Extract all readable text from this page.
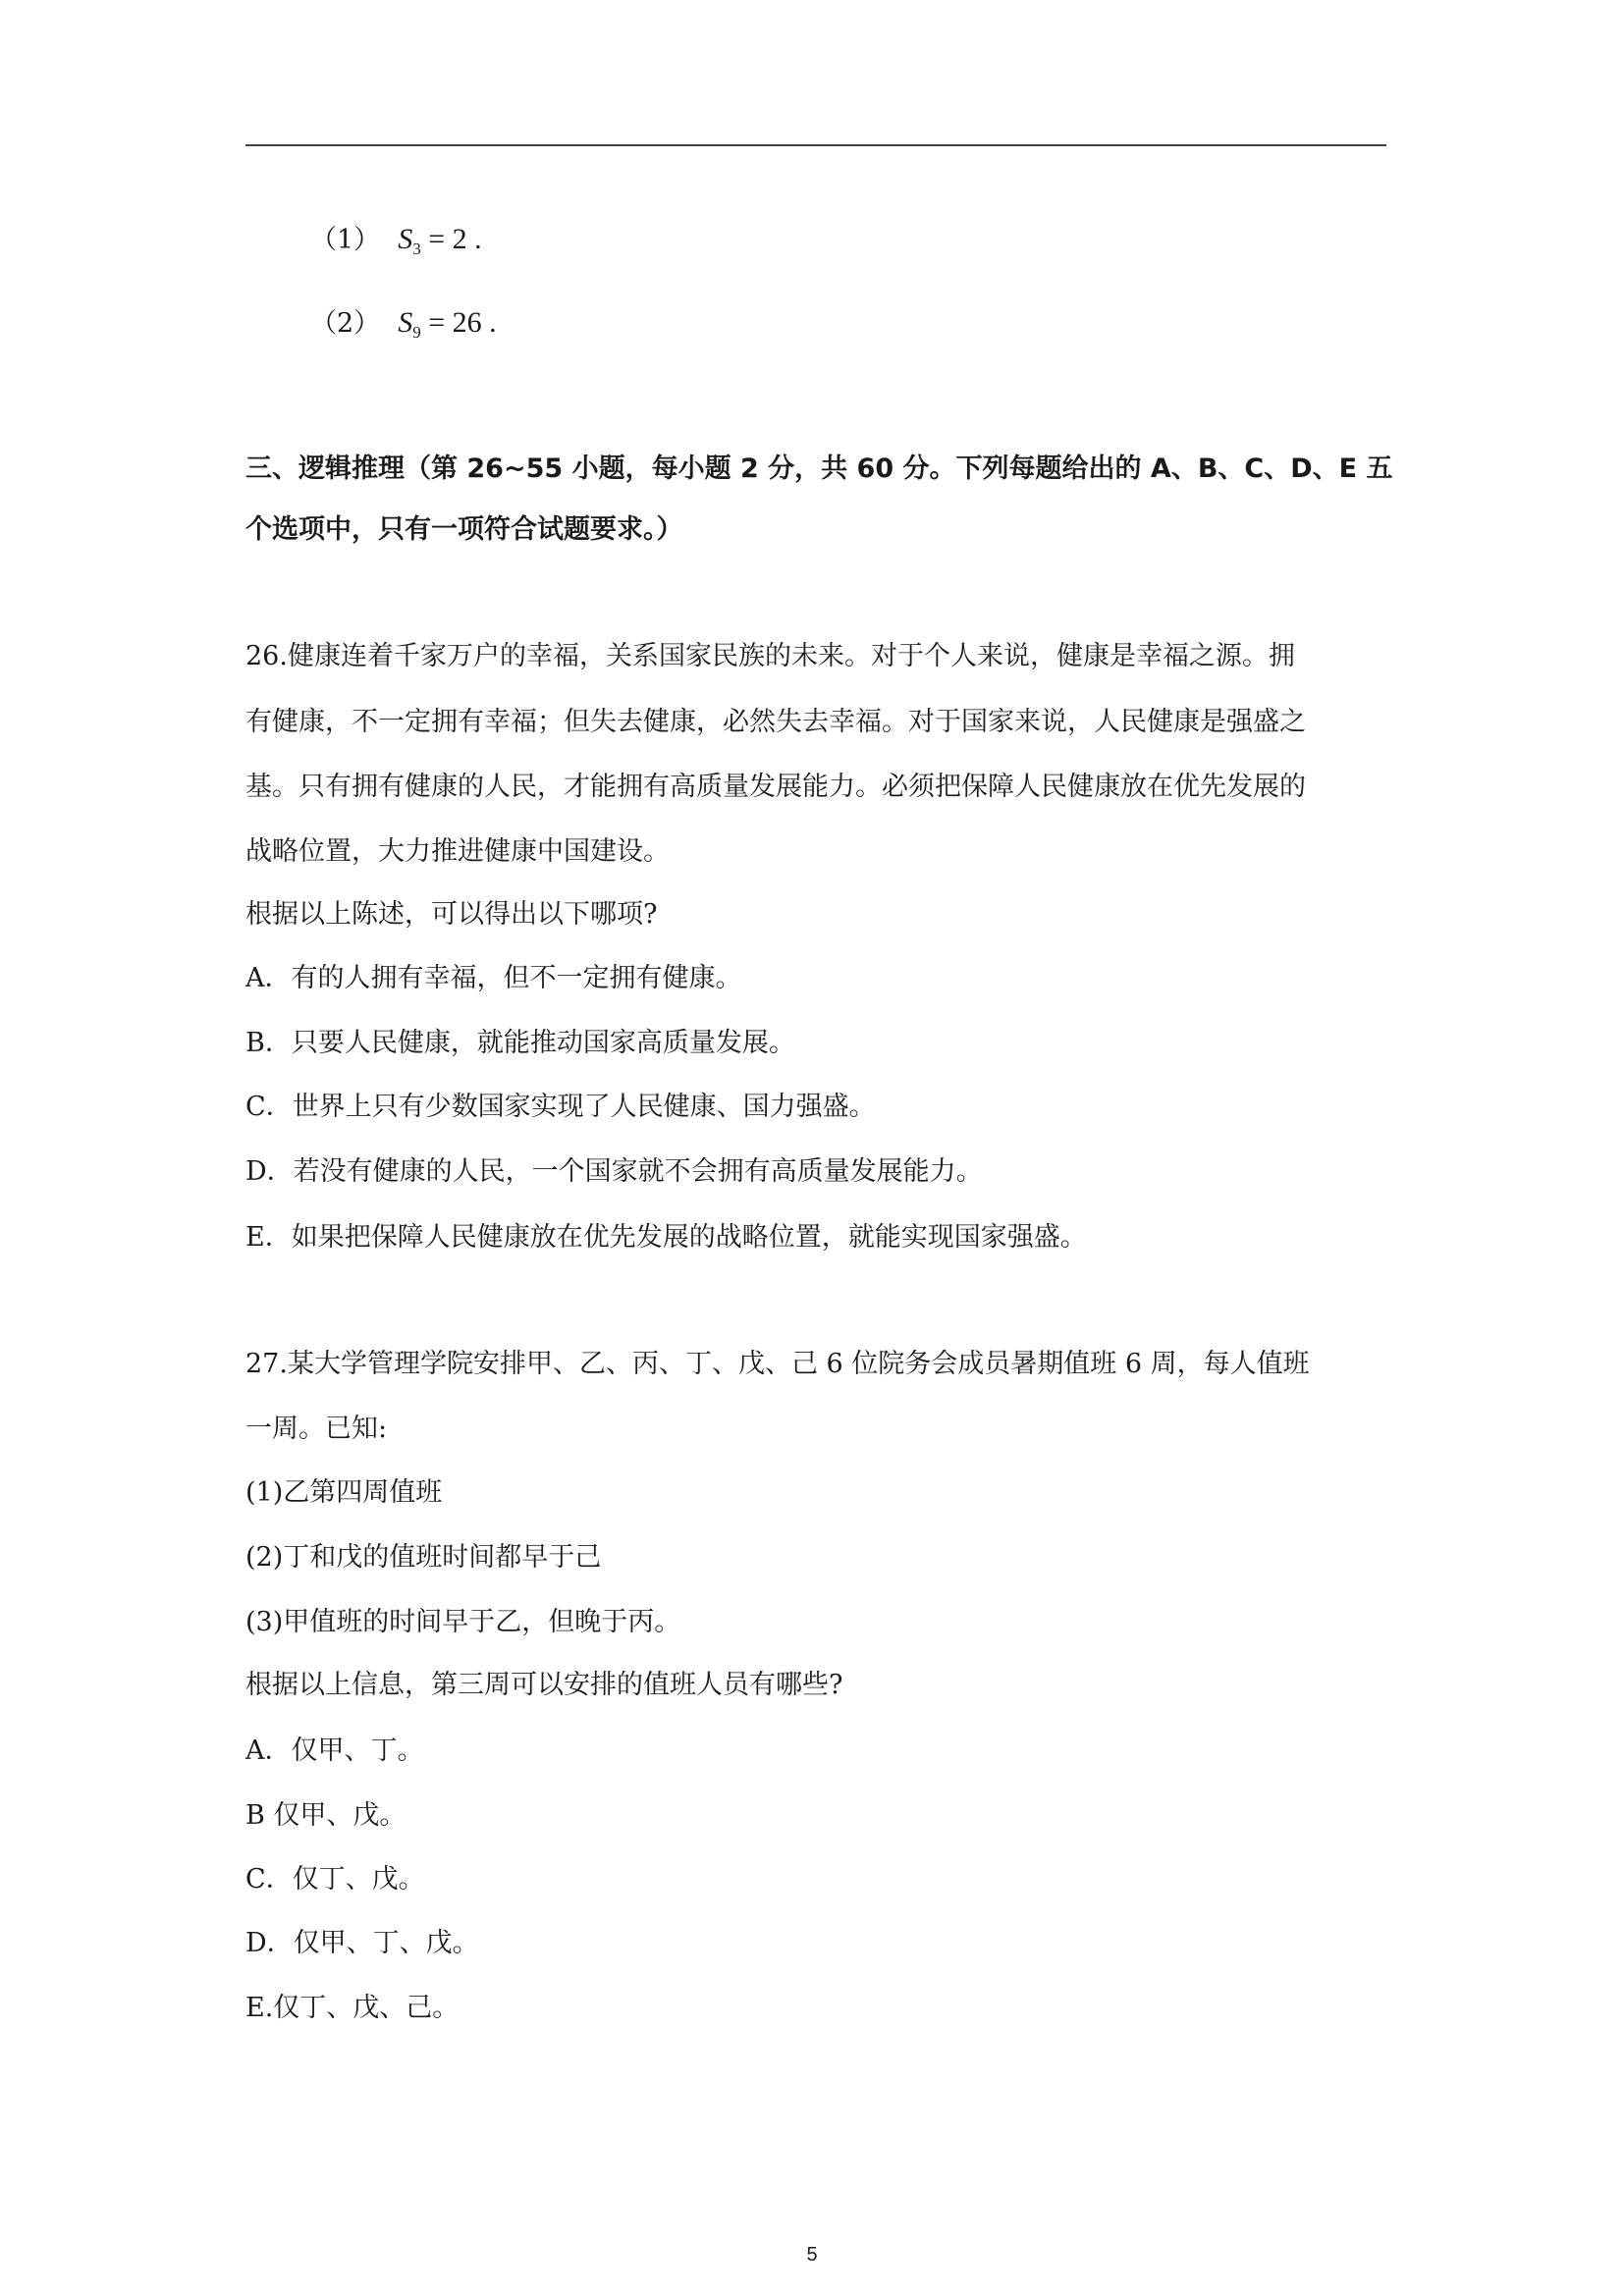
（1） $S_3 = 2$ .
（2） $S_9 = 26$ .
三、逻辑推理（第 26~55 小题，每小题 2 分，共 60 分。下列每题给出的 A、B、C、D、E 五
个选项中，只有一项符合试题要求。）
26.健康连着千家万户的幸福，关系国家民族的未来。对于个人来说，健康是幸福之源。拥
有健康，不一定拥有幸福；但失去健康，必然失去幸福。对于国家来说，人民健康是强盛之
基。只有拥有健康的人民，才能拥有高质量发展能力。必须把保障人民健康放在优先发展的
战略位置，大力推进健康中国建设。
根据以上陈述，可以得出以下哪项?
A．有的人拥有幸福，但不一定拥有健康。
B．只要人民健康，就能推动国家高质量发展。
C．世界上只有少数国家实现了人民健康、国力强盛。
D．若没有健康的人民，一个国家就不会拥有高质量发展能力。
E．如果把保障人民健康放在优先发展的战略位置，就能实现国家强盛。
27.某大学管理学院安排甲、乙、丙、丁、戊、己 6 位院务会成员暑期值班 6 周，每人值班
一周。已知:
(1)乙第四周值班
(2)丁和戊的值班时间都早于己
(3)甲值班的时间早于乙，但晚于丙。
根据以上信息，第三周可以安排的值班人员有哪些?
A．仅甲、丁。
B 仅甲、戊。
C．仅丁、戊。
D．仅甲、丁、戊。
E.仅丁、戊、己。
5
